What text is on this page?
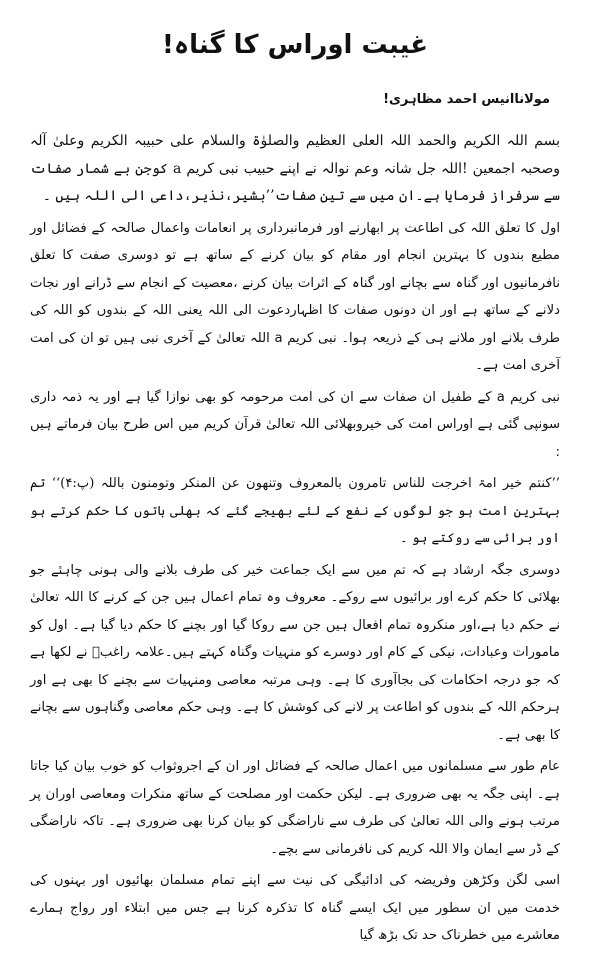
غیبت اوراس کا گناہ!
مولاناانیس احمد مظاہری!

بسم اللہ الکریم والحمد اللہ العلی العظیم والصلوٰۃ والسلام علی حبیبہ الکریم وعلیٰ آلہ وصحبہ اجمعین !اللہ جل شانہ وعم نوالہ نے اپنے حبیب نبی کریم a کوجن بے شمار صفات سے سرفراز فرمایا ہے۔ان میں سے تین صفات’’بشیر،نذیر،داعی الی اللہ ہیں ۔

اول کا تعلق اللہ کی اطاعت پر ابھارنے اور فرمانبرداری پر انعامات واعمال صالحہ کے فضائل اور مطیع بندوں کا بہترین انجام اور مقام کو بیان کرنے کے ساتھ ہے تو دوسری صفت کا تعلق نافرمانیوں اور گناہ سے بچانے اور گناہ کے اثرات بیان کرنے ،معصیت کے انجام سے ڈرانے اور نجات دلانے کے ساتھ ہے اور ان دونوں صفات کا اظہاردعوت الی اللہ یعنی اللہ کے بندوں کو اللہ کی طرف بلانے اور ملانے ہی کے ذریعہ ہوا۔ نبی کریم a اللہ تعالیٰ کے آخری نبی ہیں تو ان کی امت آخری امت ہے۔

نبی کریم a کے طفیل ان صفات سے ان کی امت مرحومہ کو بھی نوازا گیا ہے اور یہ ذمہ داری سونپی گئی ہے اوراس امت کی خیروبھلائی اللہ تعالیٰ قرآن کریم میں اس طرح بیان فرماتے ہیں :

’’کنتم خیر امۃ اخرجت للناس تامرون بالمعروف وتنھون عن المنکر وتومنون باللہ (پ:۴)‘‘ تم بہترین امت ہو جو لوگوں کے نفع کے لئے بھیجے گئے کہ بھلی باتوں کا حکم کرتے ہو اور برائی سے روکتے ہو ۔

دوسری جگہ ارشاد ہے کہ تم میں سے ایک جماعت خیر کی طرف بلانے والی ہونی چاہئے جو بھلائی کا حکم کرے اور برائیوں سے روکے۔ معروف وہ تمام اعمال ہیں جن کے کرنے کا اللہ تعالیٰ نے حکم دیا ہے،اور منکروہ تمام افعال ہیں جن سے روکا گیا اور بچنے کا حکم دیا گیا ہے۔ اول کو مامورات وعبادات، نیکی کے کام اور دوسرے کو منہیات وگناہ کہتے ہیں۔علامہ راغبؒ نے لکھا ہے کہ جو درجہ احکامات کی بجاآوری کا ہے۔ وہی مرتبہ معاصی ومنہیات سے بچنے کا بھی ہے اور ہرحکم اللہ کے بندوں کو اطاعت پر لانے کی کوشش کا ہے۔ وہی حکم معاصی وگناہوں سے بچانے کا بھی ہے۔

عام طور سے مسلمانوں میں اعمال صالحہ کے فضائل اور ان کے اجروثواب کو خوب بیان کیا جاتا ہے۔ اپنی جگہ یہ بھی ضروری ہے۔ لیکن حکمت اور مصلحت کے ساتھ منکرات ومعاصی اوران پر مرتب ہونے والی اللہ تعالیٰ کی طرف سے ناراضگی کو بیان کرنا بھی ضروری ہے۔ تاکہ ناراضگی کے ڈر سے ایمان والا اللہ کریم کی نافرمانی سے بچے۔

اسی لگن وکڑھن وفریضہ کی ادائیگی کی نیت سے اپنے تمام مسلمان بھائیوں اور بہنوں کی خدمت میں ان سطور میں ایک ایسے گناہ کا تذکرہ کرنا ہے جس میں ابتلاء اور رواج ہمارے معاشرے میں خطرناک حد تک بڑھ گیا
